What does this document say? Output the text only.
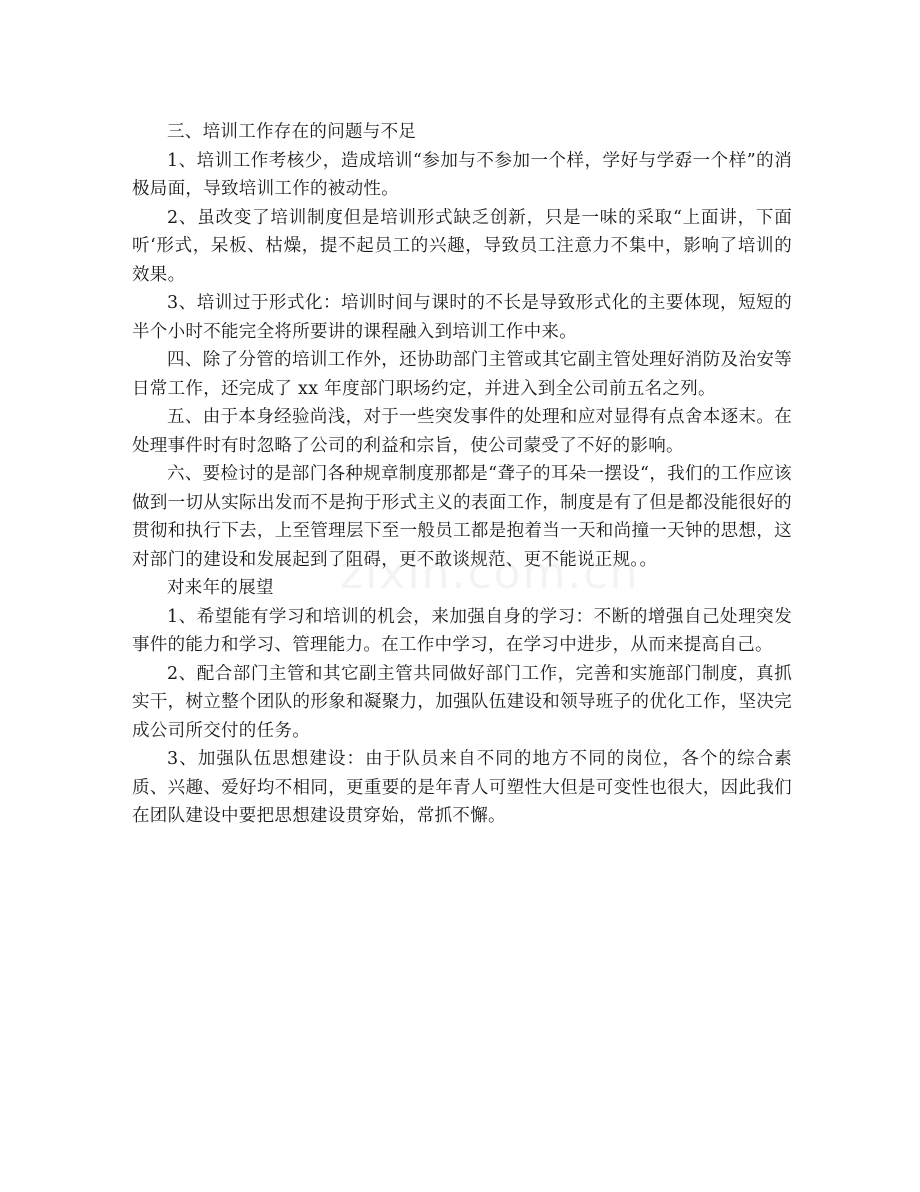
三、培训工作存在的问题与不足

1、培训工作考核少，造成培训“参加与不参加一个样，学好与学孬一个样”的消极局面，导致培训工作的被动性。

2、虽改变了培训制度但是培训形式缺乏创新，只是一味的采取“上面讲，下面听‘形式，呆板、枯燥，提不起员工的兴趣，导致员工注意力不集中，影响了培训的效果。

3、培训过于形式化：培训时间与课时的不长是导致形式化的主要体现，短短的半个小时不能完全将所要讲的课程融入到培训工作中来。

四、除了分管的培训工作外，还协助部门主管或其它副主管处理好消防及治安等日常工作，还完成了 xx 年度部门职场约定，并进入到全公司前五名之列。

五、由于本身经验尚浅，对于一些突发事件的处理和应对显得有点舍本逐末。在处理事件时有时忽略了公司的利益和宗旨，使公司蒙受了不好的影响。

六、要检讨的是部门各种规章制度那都是“聋子的耳朵一摆设“，我们的工作应该做到一切从实际出发而不是拘于形式主义的表面工作，制度是有了但是都没能很好的贯彻和执行下去，上至管理层下至一般员工都是抱着当一天和尚撞一天钟的思想，这对部门的建设和发展起到了阻碍，更不敢谈规范、更不能说正规。。

对来年的展望

1、希望能有学习和培训的机会，来加强自身的学习：不断的增强自己处理突发事件的能力和学习、管理能力。在工作中学习，在学习中进步，从而来提高自己。

2、配合部门主管和其它副主管共同做好部门工作，完善和实施部门制度，真抓实干，树立整个团队的形象和凝聚力，加强队伍建设和领导班子的优化工作，坚决完成公司所交付的任务。

3、加强队伍思想建设：由于队员来自不同的地方不同的岗位，各个的综合素质、兴趣、爱好均不相同，更重要的是年青人可塑性大但是可变性也很大，因此我们在团队建设中要把思想建设贯穿始，常抓不懈。
